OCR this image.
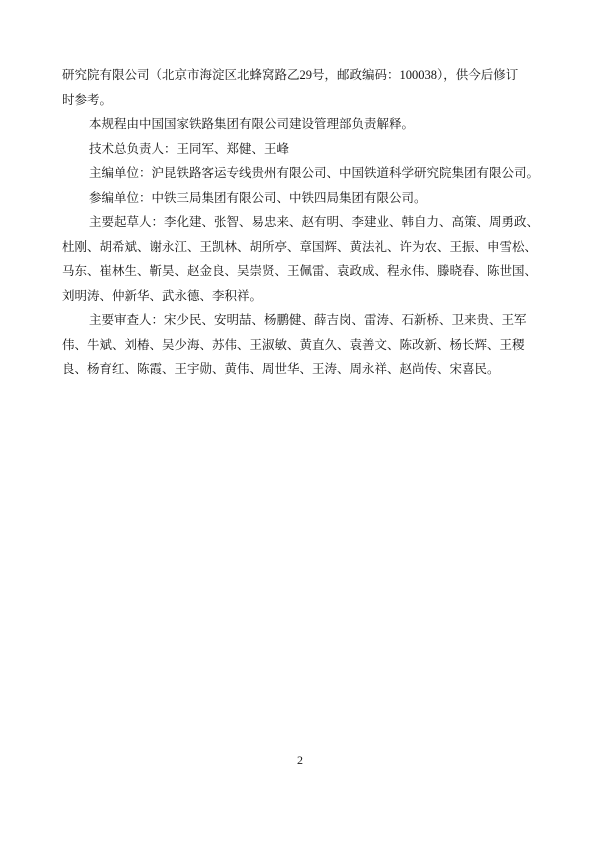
研究院有限公司（北京市海淀区北蜂窝路乙29号，邮政编码：100038），供今后修订
时参考。
本规程由中国国家铁路集团有限公司建设管理部负责解释。
技术总负责人：王同军、郑健、王峰
主编单位：沪昆铁路客运专线贵州有限公司、中国铁道科学研究院集团有限公司。
参编单位：中铁三局集团有限公司、中铁四局集团有限公司。
主要起草人：李化建、张智、易忠来、赵有明、李建业、韩自力、高策、周勇政、
杜刚、胡希斌、谢永江、王凯林、胡所亭、章国辉、黄法礼、许为农、王振、申雪松、
马东、崔林生、靳昊、赵金良、吴崇贤、王佩雷、袁政成、程永伟、滕晓春、陈世国、
刘明涛、仲新华、武永德、李积祥。
主要审查人：宋少民、安明喆、杨鹏健、薛吉岗、雷涛、石新桥、卫来贵、王军
伟、牛斌、刘椿、吴少海、苏伟、王淑敏、黄直久、袁善文、陈改新、杨长辉、王稷
良、杨育红、陈霞、王宇勋、黄伟、周世华、王涛、周永祥、赵尚传、宋喜民。
2
